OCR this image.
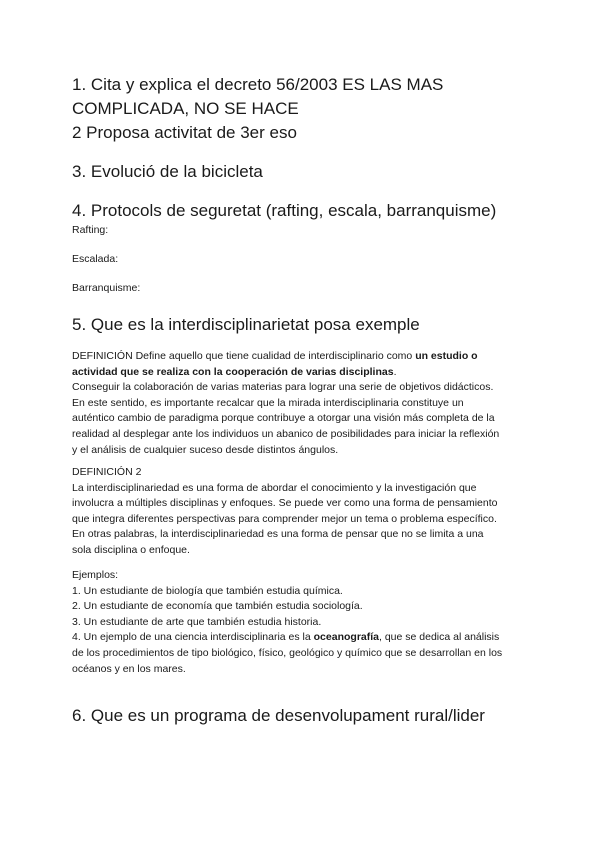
1. Cita y explica el decreto 56/2003 ES LAS MAS
COMPLICADA, NO SE HACE
2 Proposa activitat de 3er eso
3. Evolució de la bicicleta
4. Protocols de seguretat (rafting, escala, barranquisme)
Rafting:
Escalada:
Barranquisme:
5. Que es la interdisciplinarietat posa exemple
DEFINICIÓN Define aquello que tiene cualidad de interdisciplinario como un estudio o
actividad que se realiza con la cooperación de varias disciplinas.
Conseguir la colaboración de varias materias para lograr una serie de objetivos didácticos.
En este sentido, es importante recalcar que la mirada interdisciplinaria constituye un
auténtico cambio de paradigma porque contribuye a otorgar una visión más completa de la
realidad al desplegar ante los individuos un abanico de posibilidades para iniciar la reflexión
y el análisis de cualquier suceso desde distintos ángulos.
DEFINICIÓN 2
La interdisciplinariedad es una forma de abordar el conocimiento y la investigación que
involucra a múltiples disciplinas y enfoques. Se puede ver como una forma de pensamiento
que integra diferentes perspectivas para comprender mejor un tema o problema específico.
En otras palabras, la interdisciplinariedad es una forma de pensar que no se limita a una
sola disciplina o enfoque.
Ejemplos:
1. Un estudiante de biología que también estudia química.
2. Un estudiante de economía que también estudia sociología.
3. Un estudiante de arte que también estudia historia.
4. Un ejemplo de una ciencia interdisciplinaria es la oceanografía, que se dedica al análisis
de los procedimientos de tipo biológico, físico, geológico y químico que se desarrollan en los
océanos y en los mares.
6. Que es un programa de desenvolupament rural/lider
